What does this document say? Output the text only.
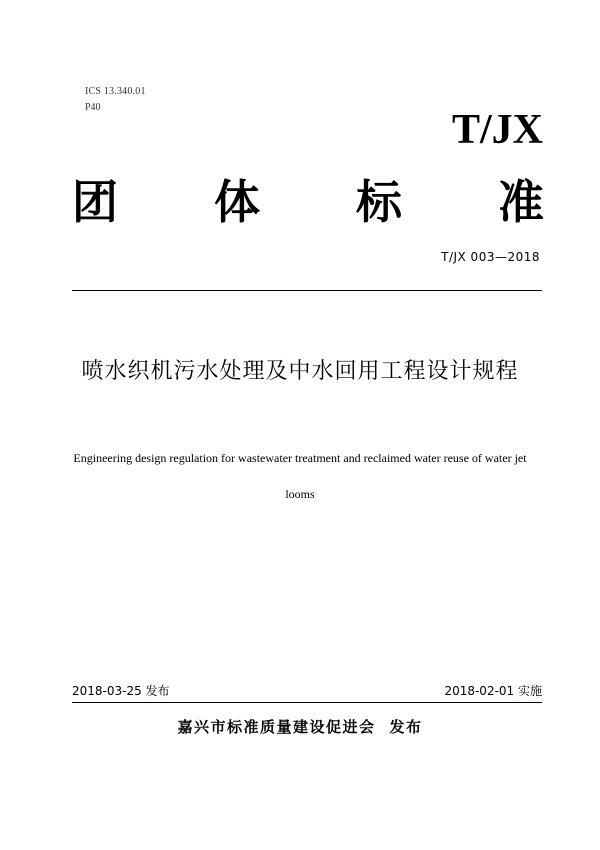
ICS 13.340.01
P40	T/JX
团 体 标 准
T/JX 003—2018
喷水织机污水处理及中水回用工程设计规程
Engineering design regulation for wastewater treatment and reclaimed water reuse of water jet looms
2018-03-25 发布	2018-02-01 实施
嘉兴市标准质量建设促进会 发布
